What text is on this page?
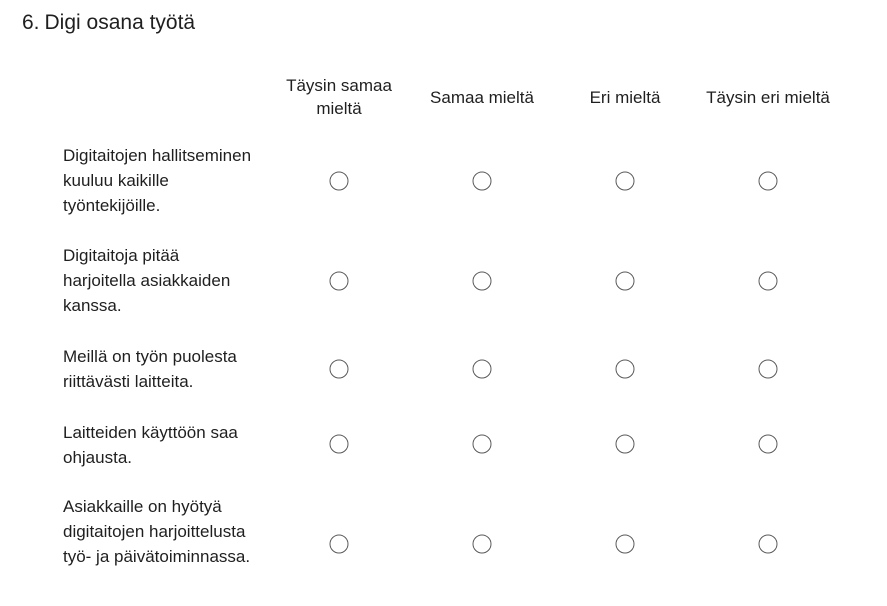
6. Digi osana työtä
Täysin samaa mieltä
Samaa mieltä	Eri mieltä	Täysin eri mieltä
Digitaitojen hallitseminen kuuluu kaikille työntekijöille.
Digitaitoja pitää harjoitella asiakkaiden kanssa.
Meillä on työn puolesta riittävästi laitteita.
Laitteiden käyttöön saa ohjausta.
Asiakkaille on hyötyä digitaitojen harjoittelusta työ- ja päivätoiminnassa.
